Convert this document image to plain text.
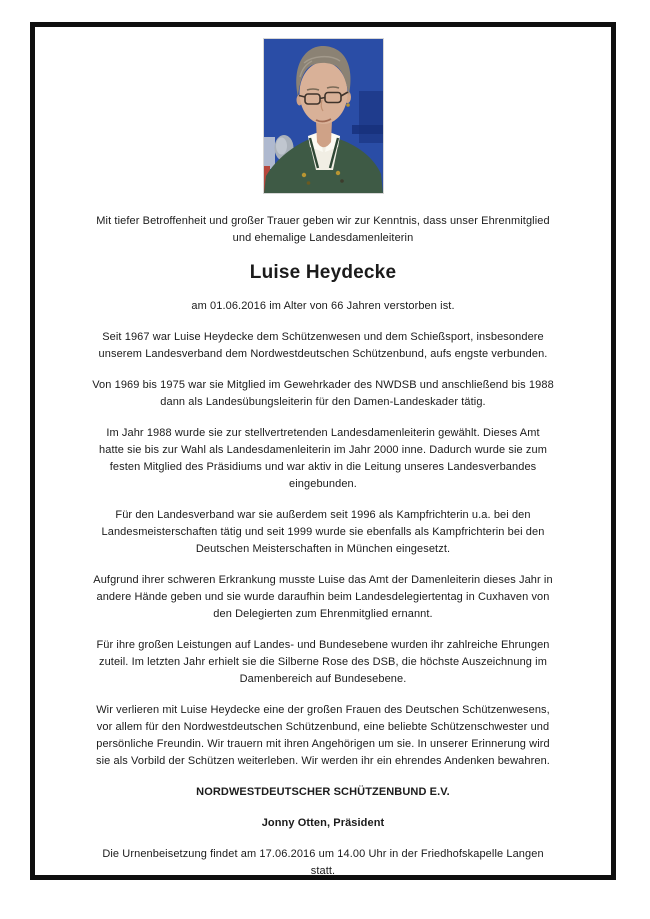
Mit tiefer Betroffenheit und großer Trauer geben wir zur Kenntnis, dass unser Ehrenmitglied
und ehemalige Landesdamenleiterin
Luise Heydecke
am 01.06.2016 im Alter von 66 Jahren verstorben ist.
Seit 1967 war Luise Heydecke dem Schützenwesen und dem Schießsport, insbesondere
unserem Landesverband dem Nordwestdeutschen Schützenbund, aufs engste verbunden.
Von 1969 bis 1975 war sie Mitglied im Gewehrkader des NWDSB und anschließend bis 1988
dann als Landesübungsleiterin für den Damen-Landeskader tätig.
Im Jahr 1988 wurde sie zur stellvertretenden Landesdamenleiterin gewählt. Dieses Amt
hatte sie bis zur Wahl als Landesdamenleiterin im Jahr 2000 inne. Dadurch wurde sie zum
festen Mitglied des Präsidiums und war aktiv in die Leitung unseres Landesverbandes
eingebunden.
Für den Landesverband war sie außerdem seit 1996 als Kampfrichterin u.a. bei den
Landesmeisterschaften tätig und seit 1999 wurde sie ebenfalls als Kampfrichterin bei den
Deutschen Meisterschaften in München eingesetzt.
Aufgrund ihrer schweren Erkrankung musste Luise das Amt der Damenleiterin dieses Jahr in
andere Hände geben und sie wurde daraufhin beim Landesdelegiertentag in Cuxhaven von
den Delegierten zum Ehrenmitglied ernannt.
Für ihre großen Leistungen auf Landes- und Bundesebene wurden ihr zahlreiche Ehrungen
zuteil. Im letzten Jahr erhielt sie die Silberne Rose des DSB, die höchste Auszeichnung im
Damenbereich auf Bundesebene.
Wir verlieren mit Luise Heydecke eine der großen Frauen des Deutschen Schützenwesens,
vor allem für den Nordwestdeutschen Schützenbund, eine beliebte Schützenschwester und
persönliche Freundin. Wir trauern mit ihren Angehörigen um sie. In unserer Erinnerung wird
sie als Vorbild der Schützen weiterleben. Wir werden ihr ein ehrendes Andenken bewahren.
NORDWESTDEUTSCHER SCHÜTZENBUND E.V.
Jonny Otten, Präsident
Die Urnenbeisetzung findet am 17.06.2016 um 14.00 Uhr in der Friedhofskapelle Langen
statt.
